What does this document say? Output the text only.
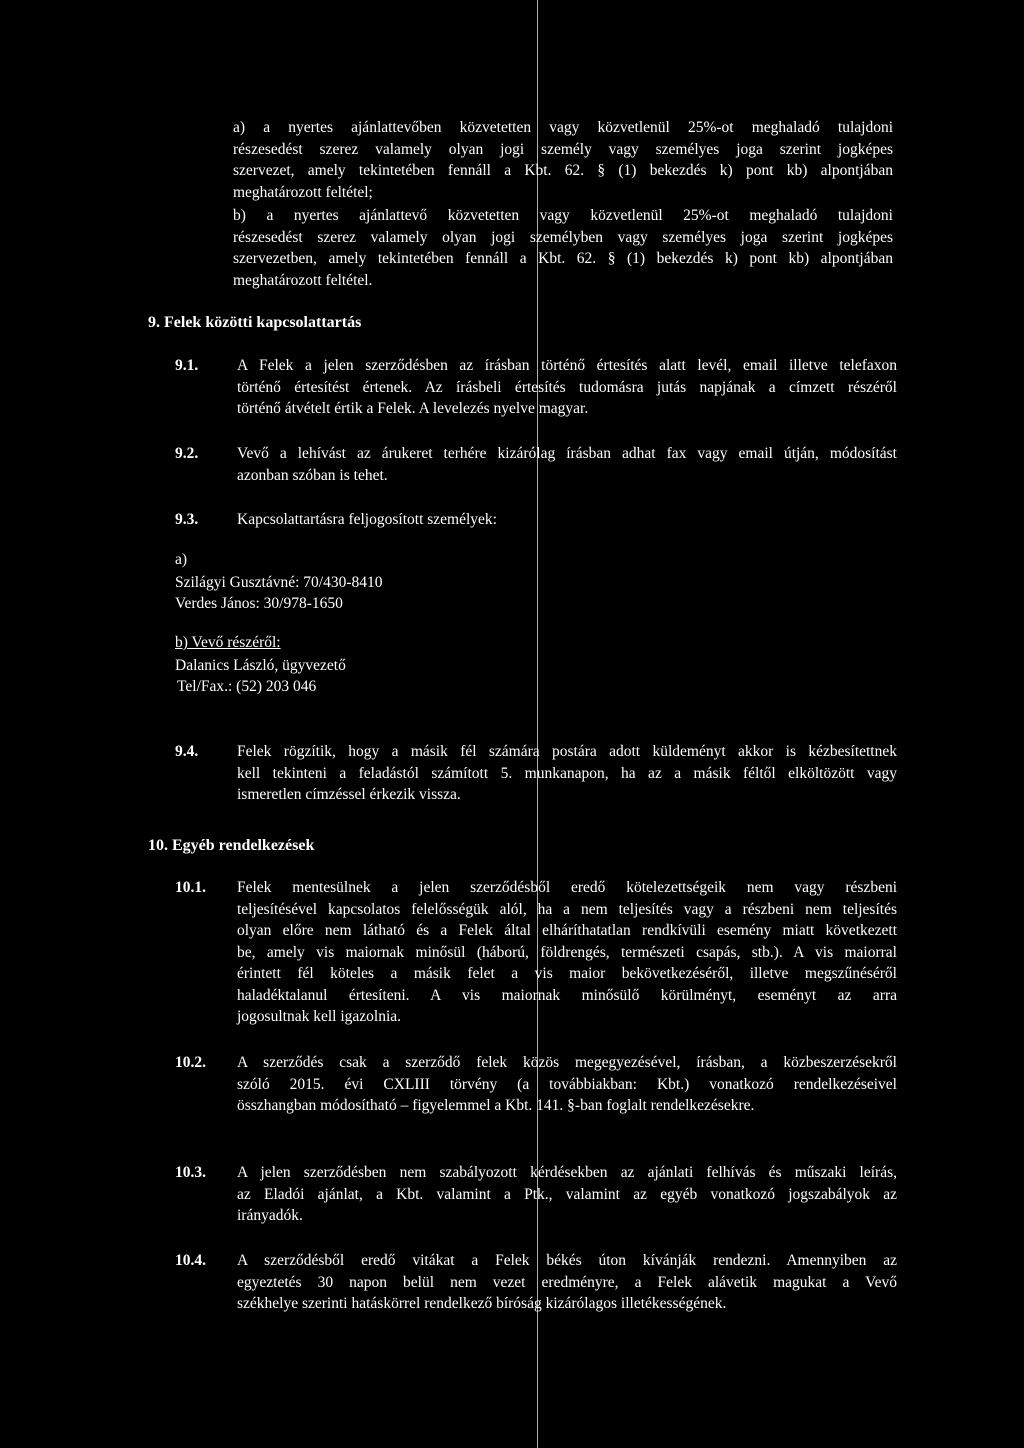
a) a nyertes ajánlattevőben közvetetten vagy közvetlenül 25%-ot meghaladó tulajdoni
részesedést szerez valamely olyan jogi személy vagy személyes joga szerint jogképes
szervezet, amely tekintetében fennáll a Kbt. 62. § (1) bekezdés k) pont kb) alpontjában
meghatározott feltétel;
b) a nyertes ajánlattevő közvetetten vagy közvetlenül 25%-ot meghaladó tulajdoni
részesedést szerez valamely olyan jogi személyben vagy személyes joga szerint jogképes
szervezetben, amely tekintetében fennáll a Kbt. 62. § (1) bekezdés k) pont kb) alpontjában
meghatározott feltétel.
9. Felek közötti kapcsolattartás
9.1.	A Felek a jelen szerződésben az írásban történő értesítés alatt levél, email illetve telefaxon
történő értesítést értenek. Az írásbeli értesítés tudomásra jutás napjának a címzett részéről
történő átvételt értik a Felek. A levelezés nyelve magyar.
9.2.	Vevő a lehívást az árukeret terhére kizárólag írásban adhat fax vagy email útján, módosítást
azonban szóban is tehet.
9.3.	Kapcsolattartásra feljogosított személyek:
a)
Szilágyi Gusztávné: 70/430-8410
Verdes János: 30/978-1650
b) Vevő részéről:
Dalanics László, ügyvezető
Tel/Fax.: (52) 203 046
9.4.	Felek rögzítik, hogy a másik fél számára postára adott küldeményt akkor is kézbesítettnek
kell tekinteni a feladástól számított 5. munkanapon, ha az a másik féltől elköltözött vagy
ismeretlen címzéssel érkezik vissza.
10. Egyéb rendelkezések
10.1. Felek mentesülnek a jelen szerződésből eredő kötelezettségeik nem vagy részbeni
teljesítésével kapcsolatos felelősségük alól, ha a nem teljesítés vagy a részbeni nem teljesítés
olyan előre nem látható és a Felek által elháríthatatlan rendkívüli esemény miatt következett
be, amely vis maiornak minősül (háború, földrengés, természeti csapás, stb.). A vis maiorral
érintett fél köteles a másik felet a vis maior bekövetkezéséről, illetve megszűnéséről
haladéktalanul értesíteni. A vis maiornak minősülő körülményt, eseményt az arra
jogosultnak kell igazolnia.
10.2. A szerződés csak a szerződő felek közös megegyezésével, írásban, a közbeszerzésekről
szóló 2015. évi CXLIII törvény (a továbbiakban: Kbt.) vonatkozó rendelkezéseivel
összhangban módosítható – figyelemmel a Kbt. 141. §-ban foglalt rendelkezésekre.
10.3. A jelen szerződésben nem szabályozott kérdésekben az ajánlati felhívás és műszaki leírás,
az Eladói ajánlat, a Kbt. valamint a Ptk., valamint az egyéb vonatkozó jogszabályok az
irányadók.
10.4. A szerződésből eredő vitákat a Felek békés úton kívánják rendezni. Amennyiben az
egyeztetés 30 napon belül nem vezet eredményre, a Felek alávetik magukat a Vevő
székhelye szerinti hatáskörrel rendelkező bíróság kizárólagos illetékességének.
